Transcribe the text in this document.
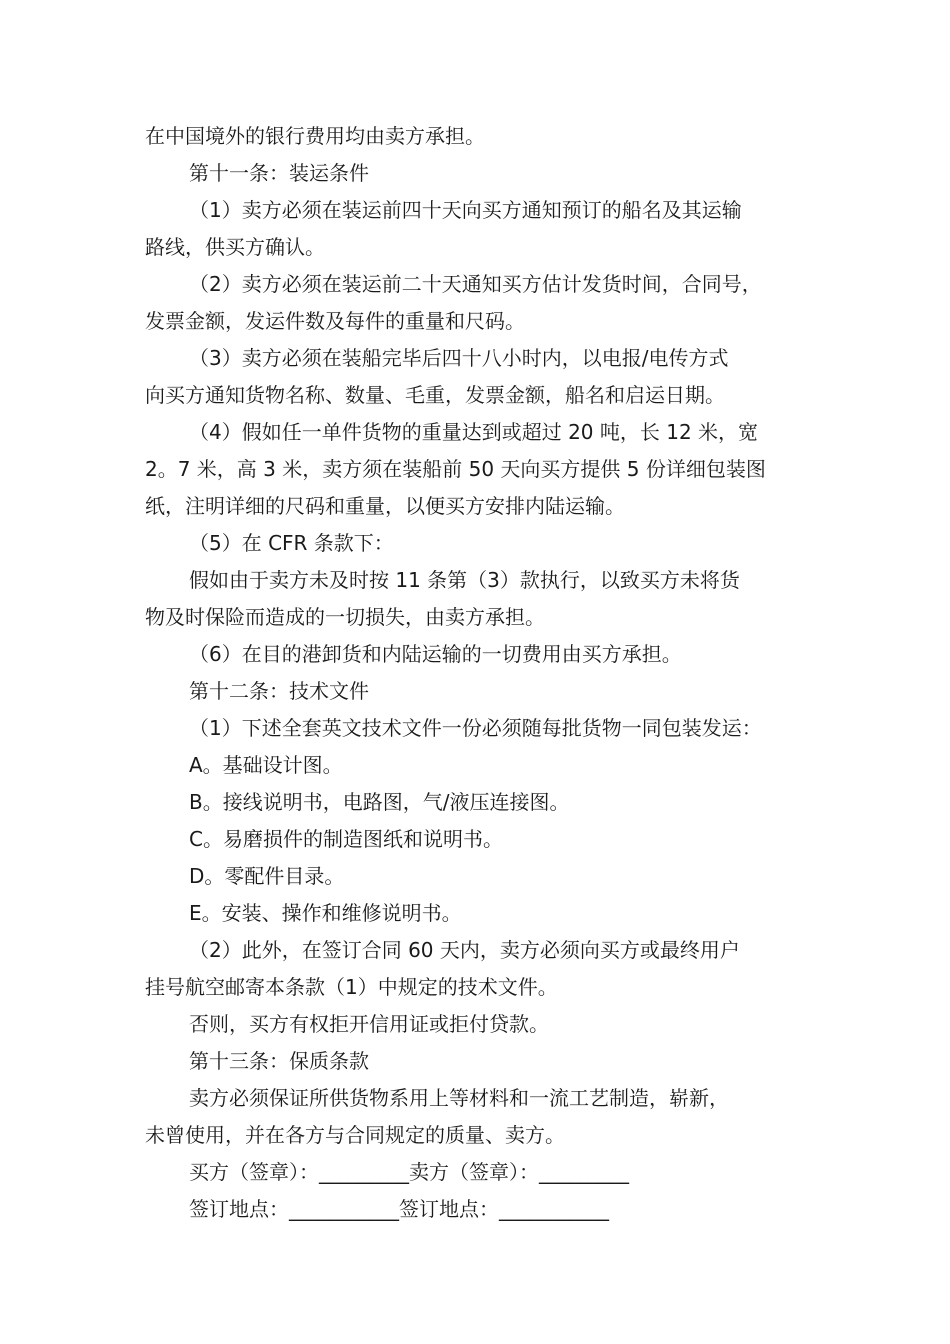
在中国境外的银行费用均由卖方承担。

第十一条：装运条件

（1）卖方必须在装运前四十天向买方通知预订的船名及其运输

路线，供买方确认。

（2）卖方必须在装运前二十天通知买方估计发货时间，合同号，

发票金额，发运件数及每件的重量和尺码。

（3）卖方必须在装船完毕后四十八小时内，以电报/电传方式

向买方通知货物名称、数量、毛重，发票金额，船名和启运日期。

（4）假如任一单件货物的重量达到或超过 20 吨，长 12 米，宽

2。7 米，高 3 米，卖方须在装船前 50 天向买方提供 5 份详细包装图

纸，注明详细的尺码和重量，以便买方安排内陆运输。

（5）在 CFR 条款下：

假如由于卖方未及时按 11 条第（3）款执行，以致买方未将货

物及时保险而造成的一切损失，由卖方承担。

（6）在目的港卸货和内陆运输的一切费用由买方承担。

第十二条：技术文件

（1）下述全套英文技术文件一份必须随每批货物一同包装发运：

A。基础设计图。

B。接线说明书，电路图，气/液压连接图。

C。易磨损件的制造图纸和说明书。

D。零配件目录。

E。安装、操作和维修说明书。

（2）此外，在签订合同 60 天内，卖方必须向买方或最终用户

挂号航空邮寄本条款（1）中规定的技术文件。

否则，买方有权拒开信用证或拒付贷款。

第十三条：保质条款

卖方必须保证所供货物系用上等材料和一流工艺制造，崭新，

未曾使用，并在各方与合同规定的质量、卖方。

买方（签章）：_________卖方（签章）：_________

签订地点：___________签订地点：___________
